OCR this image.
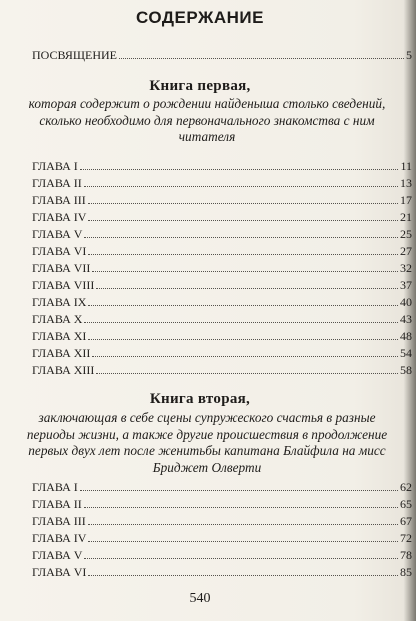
СОДЕРЖАНИЕ
ПОСВЯЩЕНИЕ	5
Книга первая,
которая содержит о рождении найденыша столько сведений,
сколько необходимо для первоначального знакомства с ним
читателя
ГЛАВА I	11
ГЛАВА II	13
ГЛАВА III	17
ГЛАВА IV	21
ГЛАВА V	25
ГЛАВА VI	27
ГЛАВА VII	32
ГЛАВА VIII	37
ГЛАВА IX	40
ГЛАВА X	43
ГЛАВА XI	48
ГЛАВА XII	54
ГЛАВА XIII	58
Книга вторая,
заключающая в себе сцены супружеского счастья в разные
периоды жизни, а также другие происшествия в продолжение
первых двух лет после женитьбы капитана Блайфила на мисс
Бриджет Олверти
ГЛАВА I	62
ГЛАВА II	65
ГЛАВА III	67
ГЛАВА IV	72
ГЛАВА V	78
ГЛАВА VI	85
540
